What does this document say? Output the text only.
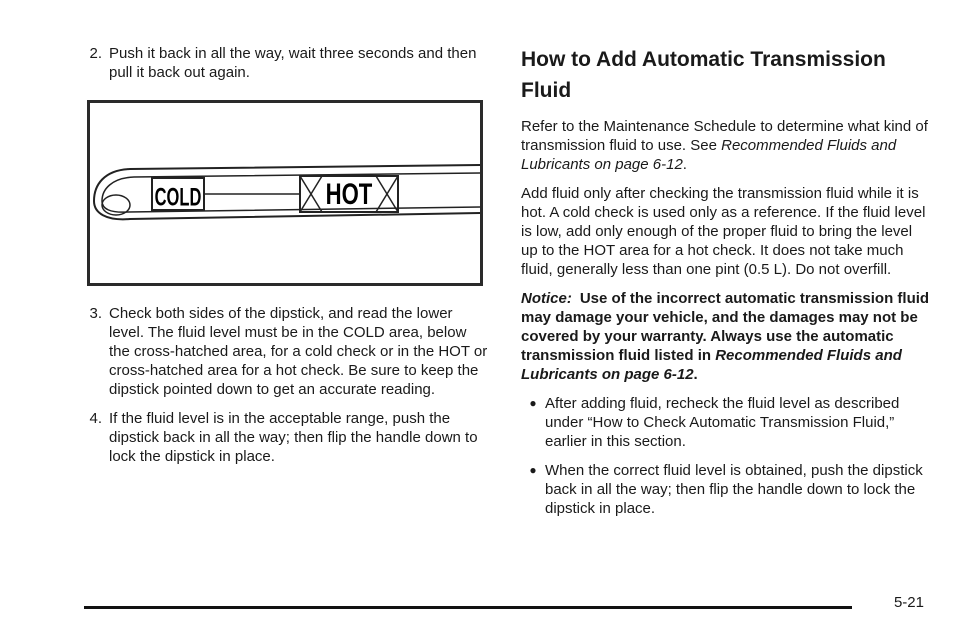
2. Push it back in all the way, wait three seconds and then pull it back out again.
COLD	HOT
3. Check both sides of the dipstick, and read the lower level. The fluid level must be in the COLD area, below the cross-hatched area, for a cold check or in the HOT or cross-hatched area for a hot check. Be sure to keep the dipstick pointed down to get an accurate reading.
4. If the fluid level is in the acceptable range, push the dipstick back in all the way; then flip the handle down to lock the dipstick in place.
How to Add Automatic Transmission Fluid

Refer to the Maintenance Schedule to determine what kind of transmission fluid to use. See Recommended Fluids and Lubricants on page 6-12.

Add fluid only after checking the transmission fluid while it is hot. A cold check is used only as a reference. If the fluid level is low, add only enough of the proper fluid to bring the level up to the HOT area for a hot check. It does not take much fluid, generally less than one pint (0.5 L). Do not overfill.

Notice: Use of the incorrect automatic transmission fluid may damage your vehicle, and the damages may not be covered by your warranty. Always use the automatic transmission fluid listed in Recommended Fluids and Lubricants on page 6-12.

● After adding fluid, recheck the fluid level as described under “How to Check Automatic Transmission Fluid,” earlier in this section.
● When the correct fluid level is obtained, push the dipstick back in all the way; then flip the handle down to lock the dipstick in place.
5-21
